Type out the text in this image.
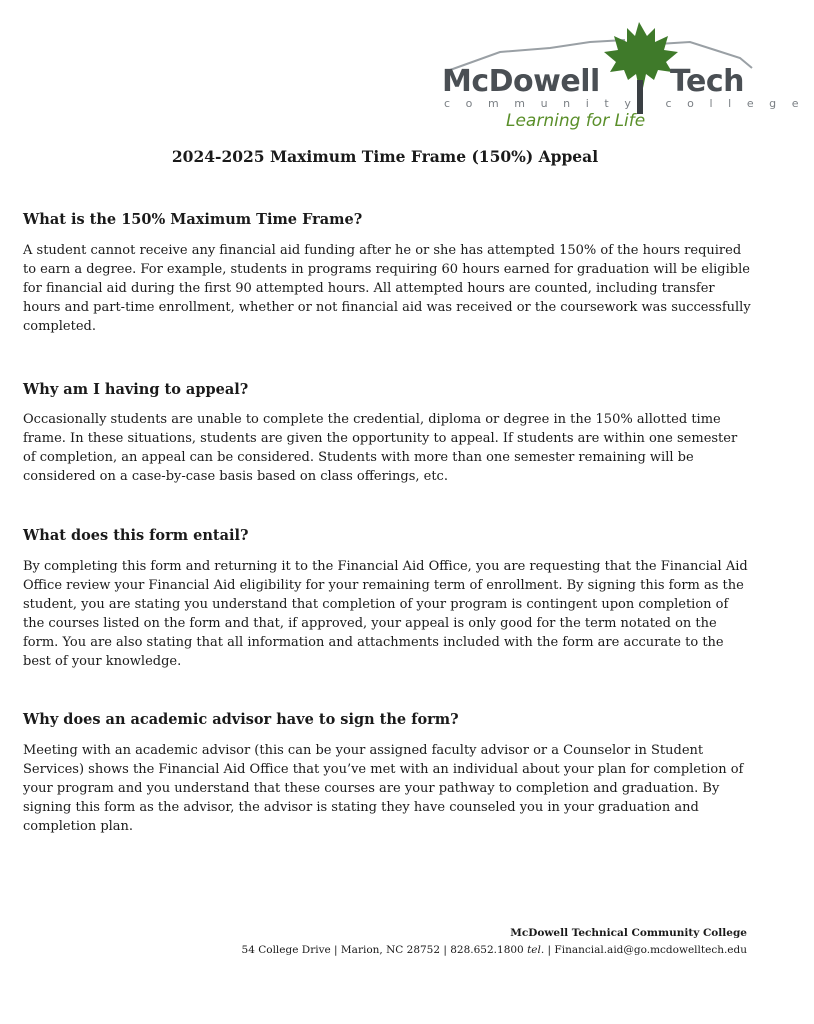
McDowell Tech
community college
Learning for Life
2024-2025 Maximum Time Frame (150%) Appeal
What is the 150% Maximum Time Frame?

A student cannot receive any financial aid funding after he or she has attempted 150% of the hours required to earn a degree. For example, students in programs requiring 60 hours earned for graduation will be eligible for financial aid during the first 90 attempted hours. All attempted hours are counted, including transfer hours and part-time enrollment, whether or not financial aid was received or the coursework was successfully completed.

Why am I having to appeal?

Occasionally students are unable to complete the credential, diploma or degree in the 150% allotted time frame. In these situations, students are given the opportunity to appeal. If students are within one semester of completion, an appeal can be considered. Students with more than one semester remaining will be considered on a case-by-case basis based on class offerings, etc.

What does this form entail?

By completing this form and returning it to the Financial Aid Office, you are requesting that the Financial Aid Office review your Financial Aid eligibility for your remaining term of enrollment. By signing this form as the student, you are stating you understand that completion of your program is contingent upon completion of the courses listed on the form and that, if approved, your appeal is only good for the term notated on the form. You are also stating that all information and attachments included with the form are accurate to the best of your knowledge.

Why does an academic advisor have to sign the form?

Meeting with an academic advisor (this can be your assigned faculty advisor or a Counselor in Student Services) shows the Financial Aid Office that you’ve met with an individual about your plan for completion of your program and you understand that these courses are your pathway to completion and graduation. By signing this form as the advisor, the advisor is stating they have counseled you in your graduation and completion plan.

McDowell Technical Community College
54 College Drive | Marion, NC 28752 | 828.652.1800 tel. | Financial.aid@go.mcdowelltech.edu
